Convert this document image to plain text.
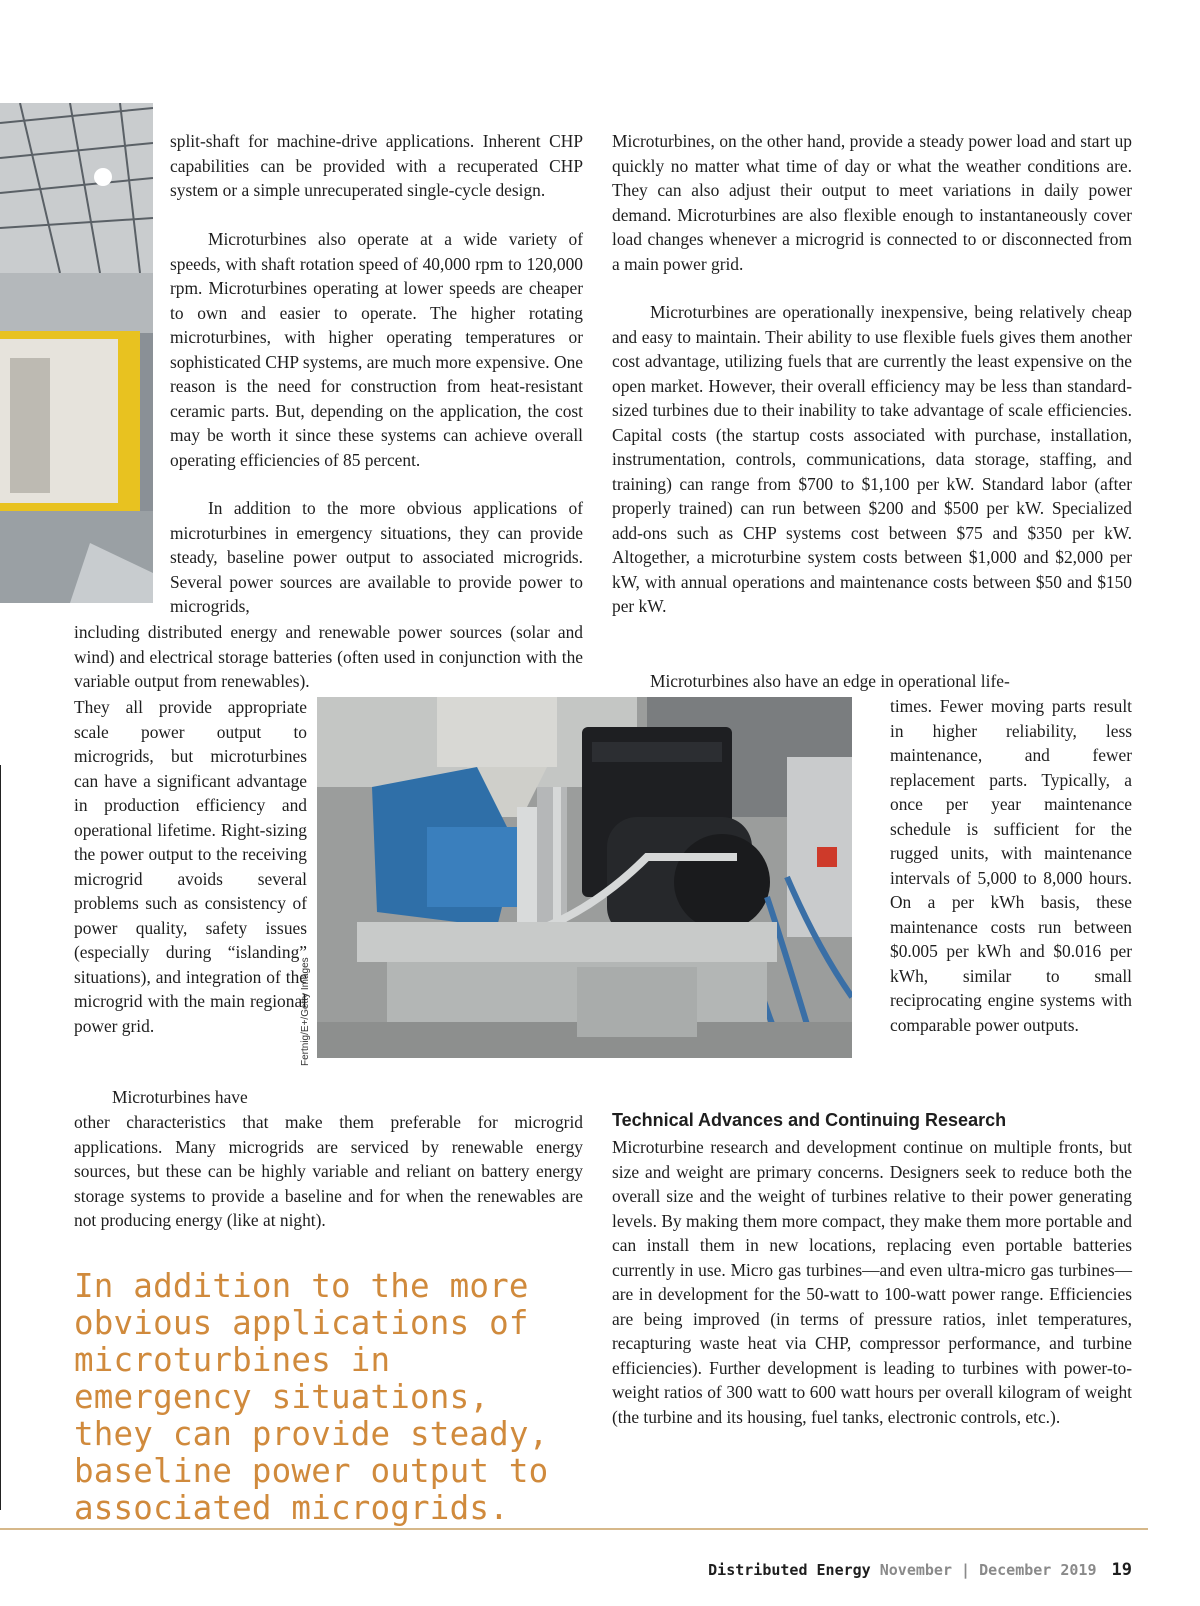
Fertnig/E+/Getty Images

split-shaft for machine-drive applications. Inherent CHP capabilities can be provided with a recuperated CHP system or a simple unrecuperated single-cycle design.

Microturbines also operate at a wide variety of speeds, with shaft rotation speed of 40,000 rpm to 120,000 rpm. Microturbines operating at lower speeds are cheaper to own and easier to operate. The higher rotating microturbines, with higher operating temperatures or sophisticated CHP systems, are much more expensive. One reason is the need for construction from heat-resistant ceramic parts. But, depending on the application, the cost may be worth it since these systems can achieve overall operating efficiencies of 85 percent.

In addition to the more obvious applications of microturbines in emergency situations, they can provide steady, baseline power output to associated microgrids. Several power sources are available to provide power to microgrids,

including distributed energy and renewable power sources (solar and wind) and electrical storage batteries (often used in conjunction with the variable output from renewables).

They all provide appropriate scale power output to microgrids, but microturbines can have a significant advantage in production efficiency and operational lifetime. Right-sizing the power output to the receiving microgrid avoids several problems such as consistency of power quality, safety issues (especially during “islanding” situations), and integration of the microgrid with the main regional power grid.

Microturbines have

other characteristics that make them preferable for microgrid applications. Many microgrids are serviced by renewable energy sources, but these can be highly variable and reliant on battery energy storage systems to provide a baseline and for when the renewables are not producing energy (like at night).

In addition to the more obvious applications of microturbines in emergency situations, they can provide steady, baseline power output to associated microgrids.

Microturbines, on the other hand, provide a steady power load and start up quickly no matter what time of day or what the weather conditions are. They can also adjust their output to meet variations in daily power demand. Microturbines are also flexible enough to instantaneously cover load changes whenever a microgrid is connected to or disconnected from a main power grid.

Microturbines are operationally inexpensive, being relatively cheap and easy to maintain. Their ability to use flexible fuels gives them another cost advantage, utilizing fuels that are currently the least expensive on the open market. However, their overall efficiency may be less than standard-sized turbines due to their inability to take advantage of scale efficiencies. Capital costs (the startup costs associated with purchase, installation, instrumentation, controls, communications, data storage, staffing, and training) can range from $700 to $1,100 per kW. Standard labor (after properly trained) can run between $200 and $500 per kW. Specialized add-ons such as CHP systems cost between $75 and $350 per kW. Altogether, a microturbine system costs between $1,000 and $2,000 per kW, with annual operations and maintenance costs between $50 and $150 per kW.

Microturbines also have an edge in operational life-

times. Fewer moving parts result in higher reliability, less maintenance, and fewer replacement parts. Typically, a once per year maintenance schedule is sufficient for the rugged units, with maintenance intervals of 5,000 to 8,000 hours. On a per kWh basis, these maintenance costs run between $0.005 per kWh and $0.016 per kWh, similar to small reciprocating engine systems with comparable power outputs.

Technical Advances and Continuing Research

Microturbine research and development continue on multiple fronts, but size and weight are primary concerns. Designers seek to reduce both the overall size and the weight of turbines relative to their power generating levels. By making them more compact, they make them more portable and can install them in new locations, replacing even portable batteries currently in use. Micro gas turbines—and even ultra-micro gas turbines—are in development for the 50-watt to 100-watt power range. Efficiencies are being improved (in terms of pressure ratios, inlet temperatures, recapturing waste heat via CHP, compressor performance, and turbine efficiencies). Further development is leading to turbines with power-to-weight ratios of 300 watt to 600 watt hours per overall kilogram of weight (the turbine and its housing, fuel tanks, electronic controls, etc.).

Distributed Energy November | December 2019 19
